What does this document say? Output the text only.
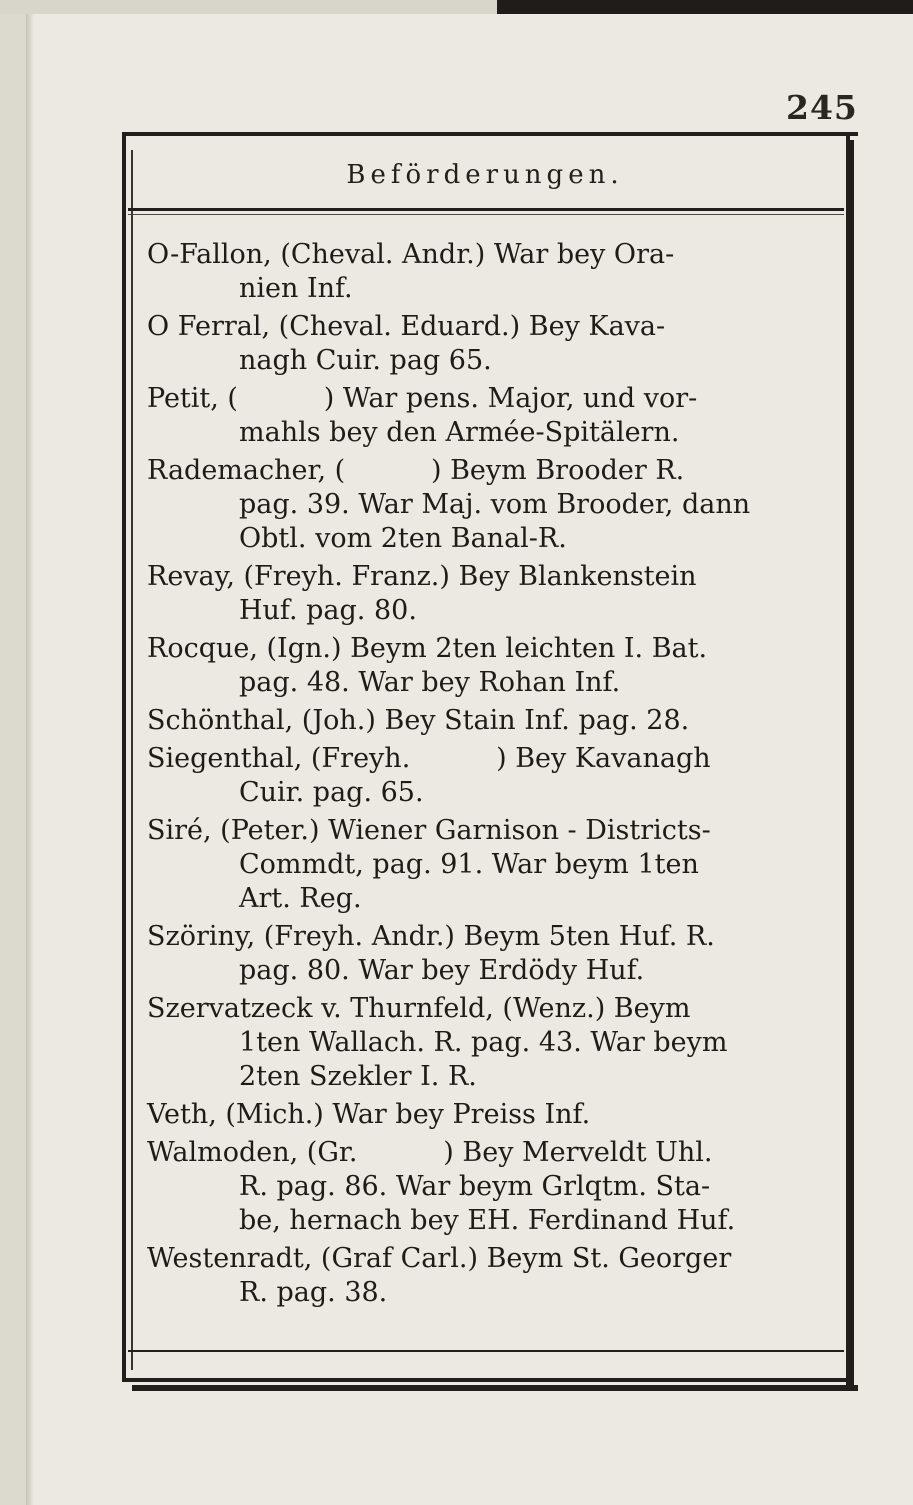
245
Beförderungen.
O-Fallon, (Cheval. Andr.) War bey Ora-
nien Inf.
O Ferral, (Cheval. Eduard.) Bey Kava-
nagh Cuir. pag 65.
Petit, (          ) War pens. Major, und vor-
mahls bey den Armée-Spitälern.
Rademacher, (          ) Beym Brooder R.
pag. 39. War Maj. vom Brooder, dann
Obtl. vom 2ten Banal-R.
Revay, (Freyh. Franz.) Bey Blankenstein
Huf. pag. 80.
Rocque, (Ign.) Beym 2ten leichten I. Bat.
pag. 48. War bey Rohan Inf.
Schönthal, (Joh.) Bey Stain Inf. pag. 28.
Siegenthal, (Freyh.          ) Bey Kavanagh
Cuir. pag. 65.
Siré, (Peter.) Wiener Garnison - Districts-
Commdt, pag. 91. War beym 1ten
Art. Reg.
Szöriny, (Freyh. Andr.) Beym 5ten Huf. R.
pag. 80. War bey Erdödy Huf.
Szervatzeck v. Thurnfeld, (Wenz.) Beym
1ten Wallach. R. pag. 43. War beym
2ten Szekler I. R.
Veth, (Mich.) War bey Preiss Inf.
Walmoden, (Gr.          ) Bey Merveldt Uhl.
R. pag. 86. War beym Grlqtm. Sta-
be, hernach bey EH. Ferdinand Huf.
Westenradt, (Graf Carl.) Beym St. Georger
R. pag. 38.
